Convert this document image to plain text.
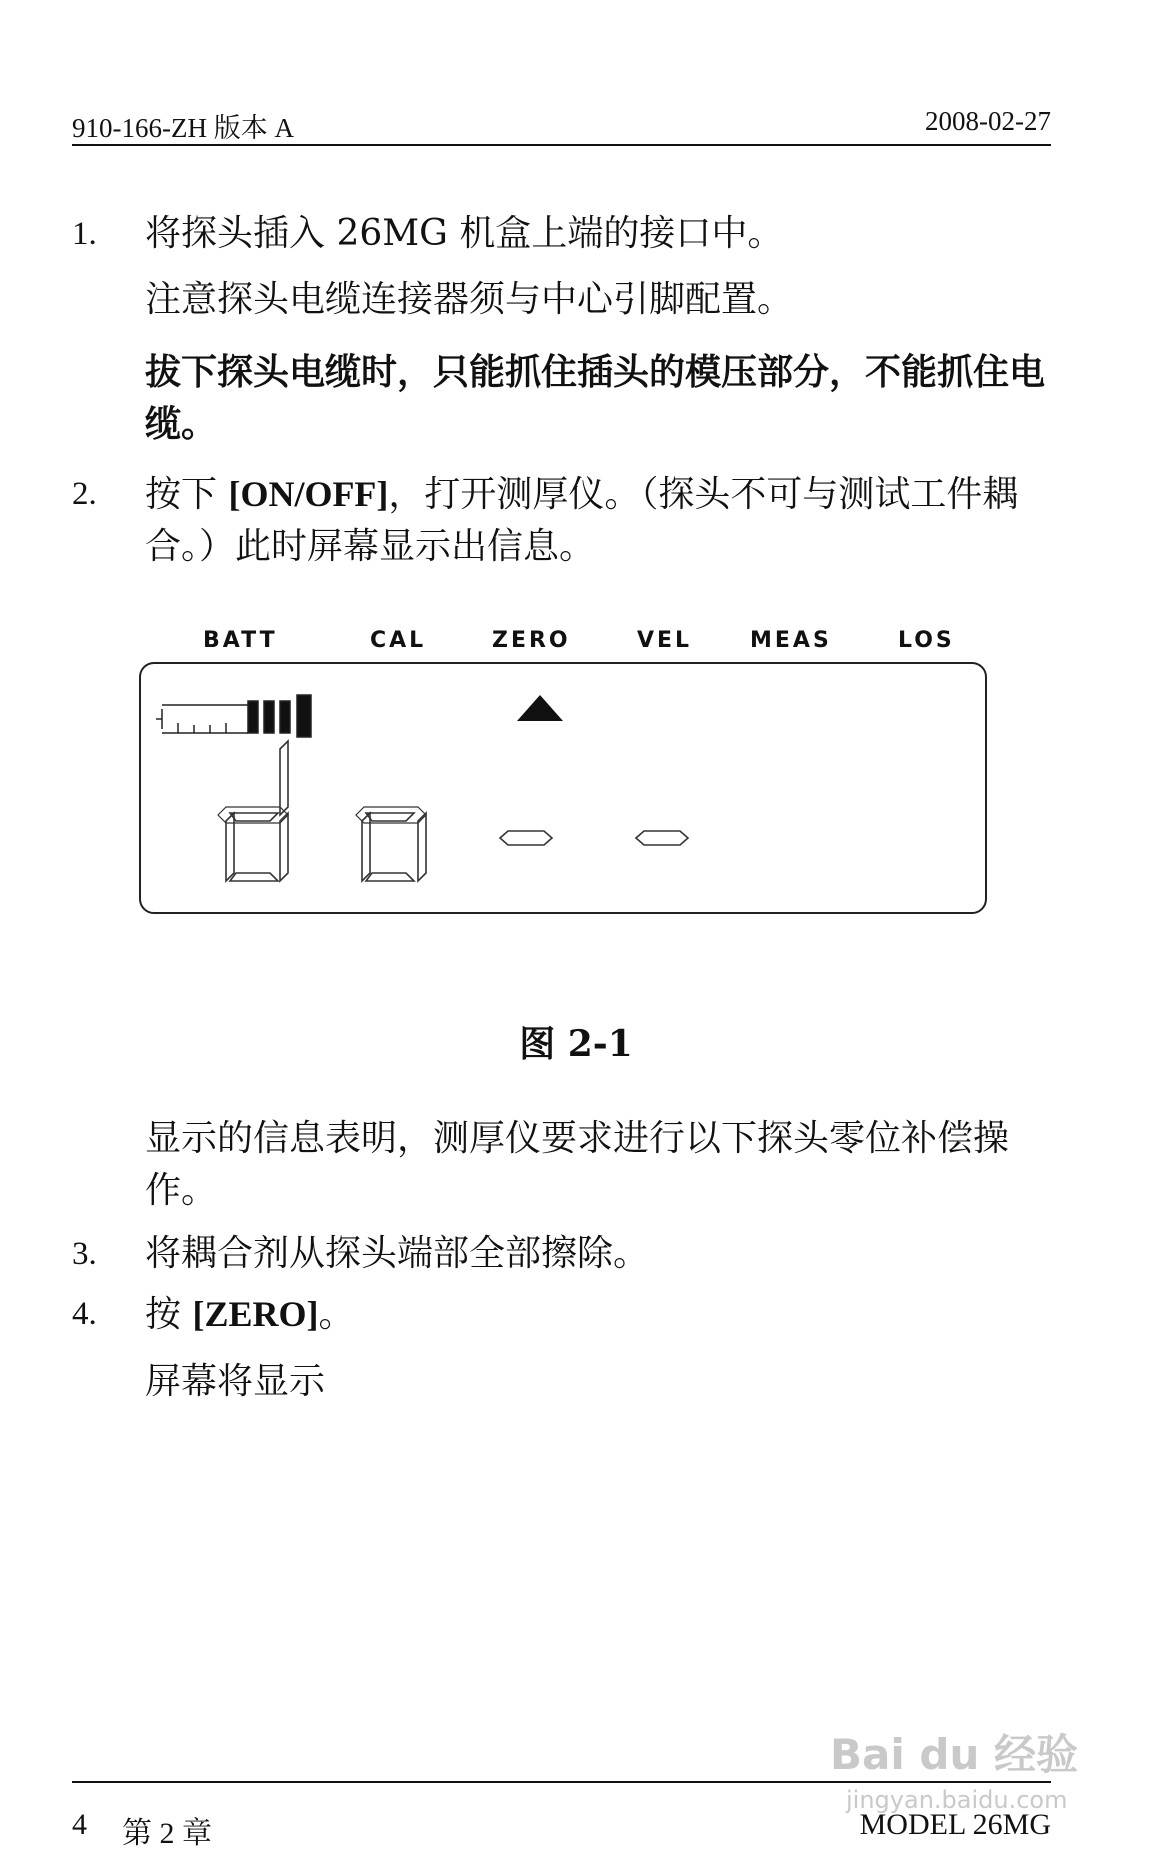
910-166-ZH 版本 A	2008-02-27
1. 将探头插入 26MG 机盒上端的接口中。
注意探头电缆连接器须与中心引脚配置。
拔下探头电缆时，只能抓住插头的模压部分，不能抓住电缆。
2. 按下 [ON/OFF]，打开测厚仪。（探头不可与测试工件耦合。）此时屏幕显示出信息。
BATT	CAL	ZERO	VEL	MEAS	LOS
图 2-1
显示的信息表明，测厚仪要求进行以下探头零位补偿操作。
3. 将耦合剂从探头端部全部擦除。
4. 按 [ZERO]。
屏幕将显示
4 第 2 章	MODEL 26MG
Bai du 经验
jingyan.baidu.com
